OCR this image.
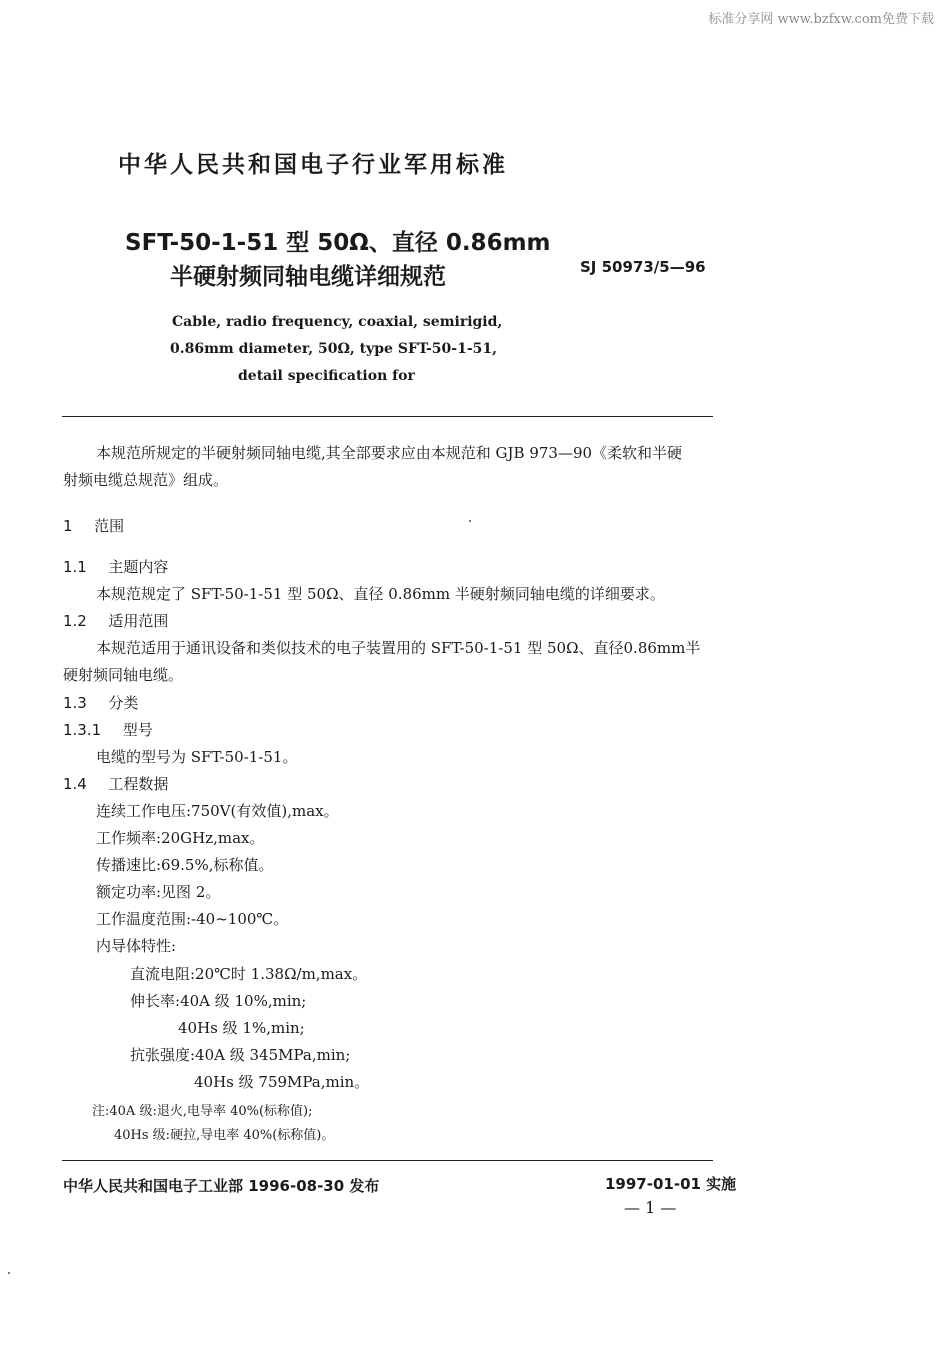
标准分享网 www.bzfxw.com免费下载
中华人民共和国电子行业军用标准
SFT-50-1-51 型 50Ω、直径 0.86mm
半硬射频同轴电缆详细规范	SJ 50973/5—96
Cable, radio frequency, coaxial, semirigid,
0.86mm diameter, 50Ω, type SFT-50-1-51,
detail specification for
本规范所规定的半硬射频同轴电缆,其全部要求应由本规范和 GJB 973—90《柔软和半硬
射频电缆总规范》组成。
1 范围
1.1 主题内容
本规范规定了 SFT-50-1-51 型 50Ω、直径 0.86mm 半硬射频同轴电缆的详细要求。
1.2 适用范围
本规范适用于通讯设备和类似技术的电子装置用的 SFT-50-1-51 型 50Ω、直径0.86mm半
硬射频同轴电缆。
1.3 分类
1.3.1 型号
电缆的型号为 SFT-50-1-51。
1.4 工程数据
连续工作电压:750V(有效值),max。
工作频率:20GHz,max。
传播速比:69.5%,标称值。
额定功率:见图 2。
工作温度范围:-40~100℃。
内导体特性:
直流电阻:20℃时 1.38Ω/m,max。
伸长率:40A 级 10%,min;
40Hs 级 1%,min;
抗张强度:40A 级 345MPa,min;
40Hs 级 759MPa,min。
注:40A 级:退火,电导率 40%(标称值);
40Hs 级:硬拉,导电率 40%(标称值)。
中华人民共和国电子工业部 1996-08-30 发布	1997-01-01 实施
— 1 —
